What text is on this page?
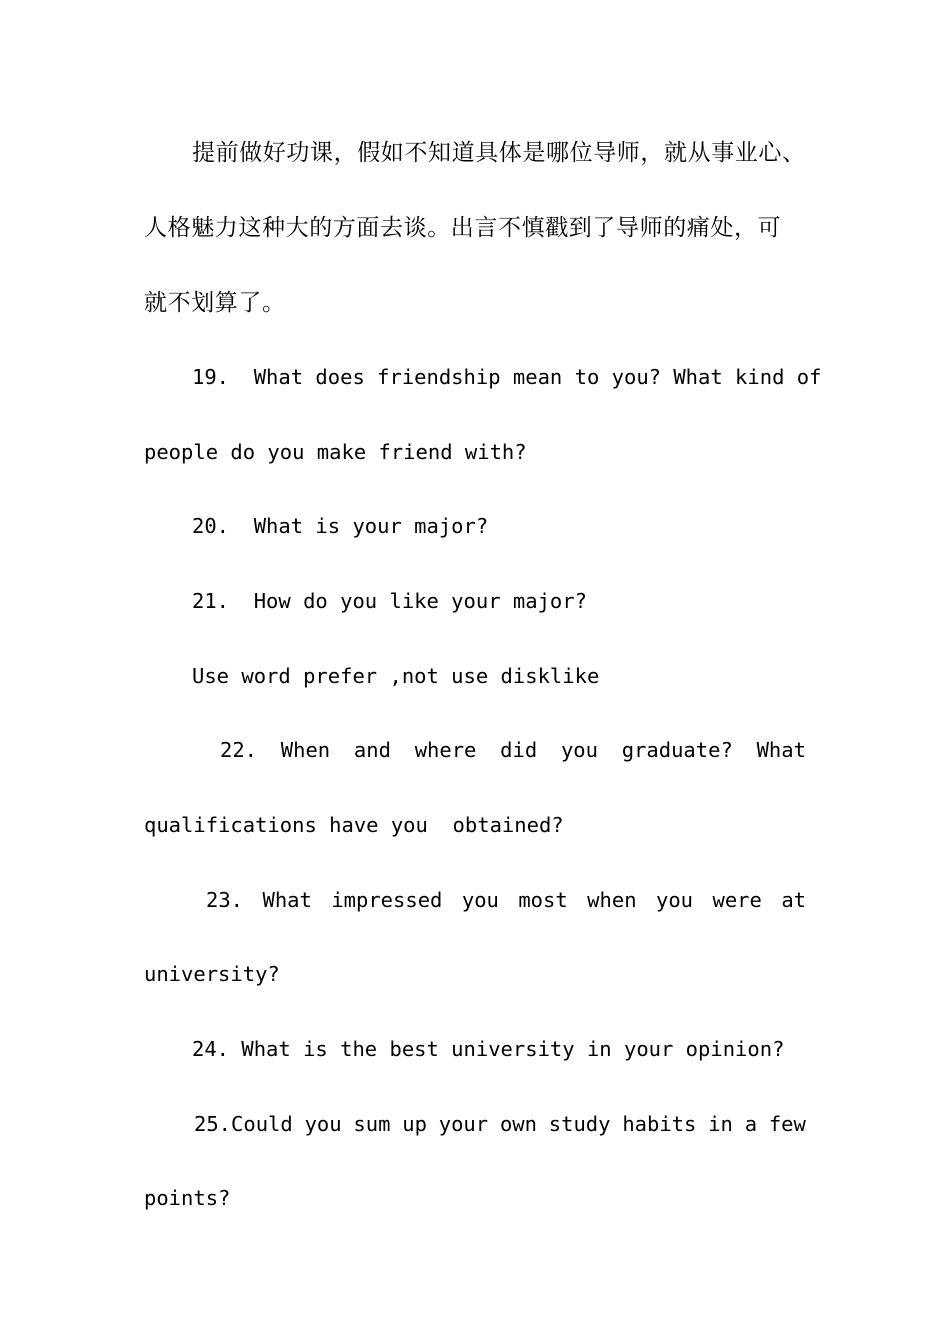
提前做好功课，假如不知道具体是哪位导师，就从事业心、
人格魅力这种大的方面去谈。出言不慎戳到了导师的痛处，可
就不划算了。
19.  What does friendship mean to you? What kind of
people do you make friend with?
20.  What is your major?
21.  How do you like your major?
Use word prefer ,not use disklike
22. When and where did you graduate? What
qualifications have you  obtained?
23. What impressed you most when you were at
university?
24. What is the best university in your opinion?
25.Could you sum up your own study habits in a few
points?
